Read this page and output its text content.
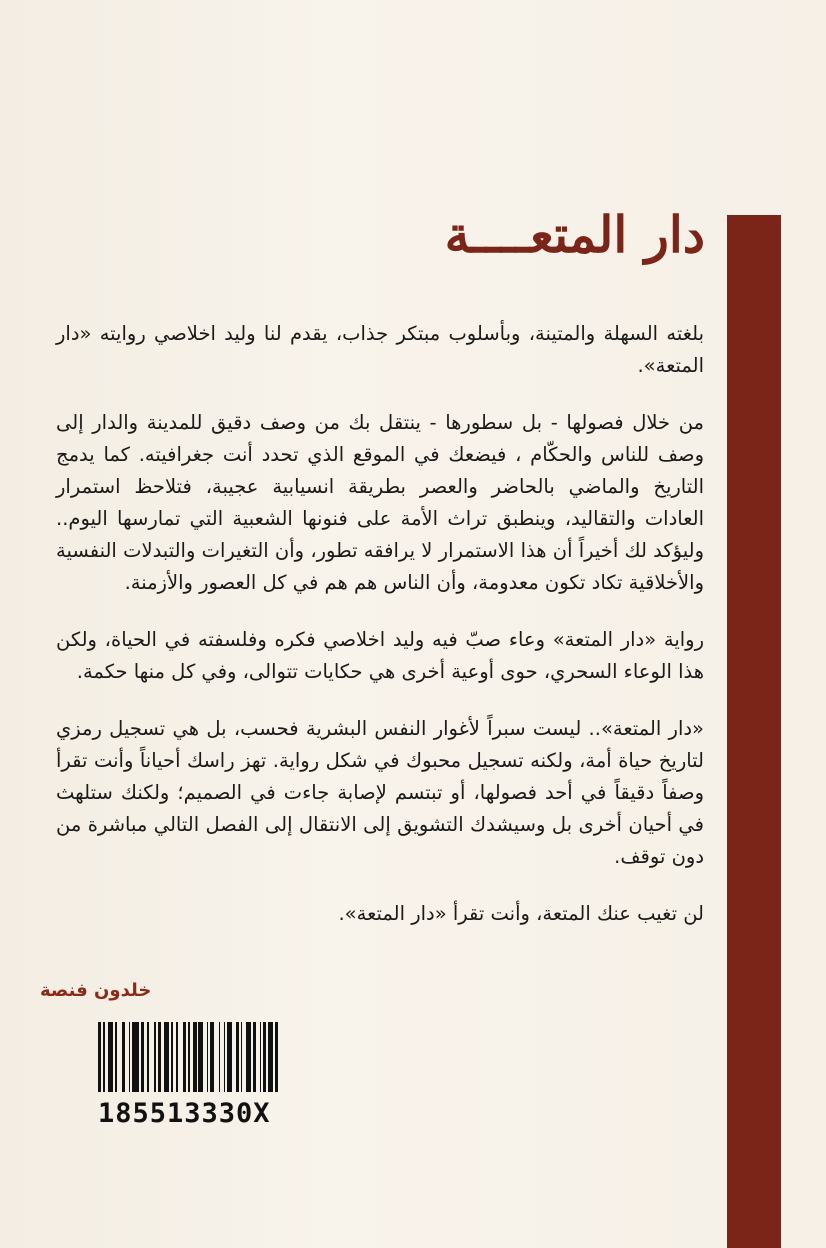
دار المتعــــة

بلغته السهلة والمتينة، وبأسلوب مبتكر جذاب، يقدم لنا وليد اخلاصي روايته «دار المتعة».

من خلال فصولها - بل سطورها - ينتقل بك من وصف دقيق للمدينة والدار إلى وصف للناس والحكّام ، فيضعك في الموقع الذي تحدد أنت جغرافيته. كما يدمج التاريخ والماضي بالحاضر والعصر بطريقة انسيابية عجيبة، فتلاحظ استمرار العادات والتقاليد، وينطبق تراث الأمة على فنونها الشعبية التي تمارسها اليوم.. وليؤكد لك أخيراً أن هذا الاستمرار لا يرافقه تطور، وأن التغيرات والتبدلات النفسية والأخلاقية تكاد تكون معدومة، وأن الناس هم هم في كل العصور والأزمنة.

رواية «دار المتعة» وعاء صبّ فيه وليد اخلاصي فكره وفلسفته في الحياة، ولكن هذا الوعاء السحري، حوى أوعية أخرى هي حكايات تتوالى، وفي كل منها حكمة.

«دار المتعة».. ليست سبراً لأغوار النفس البشرية فحسب، بل هي تسجيل رمزي لتاريخ حياة أمة، ولكنه تسجيل محبوك في شكل رواية. تهز راسك أحياناً وأنت تقرأ وصفاً دقيقاً في أحد فصولها، أو تبتسم لإصابة جاءت في الصميم؛ ولكنك ستلهث في أحيان أخرى بل وسيشدك التشويق إلى الانتقال إلى الفصل التالي مباشرة من دون توقف.

لن تغيب عنك المتعة، وأنت تقرأ «دار المتعة».

خلدون فنصة
185513330X
